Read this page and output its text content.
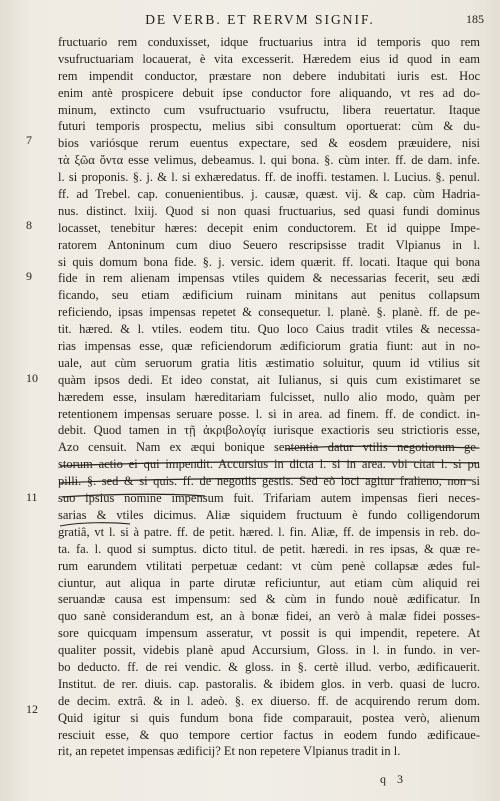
DE VERB. ET RERVM SIGNIF.	185
7
8
9
10
11
12
fructuario rem conduxisset, idque fructuarius intra id temporis quo rem
vsufructuariam locauerat, è vita excesserit. Hæredem eius id quod in eam
rem impendit conductor, præstare non debere indubitati iuris est. Hoc
enim antè prospicere debuit ipse conductor fore aliquando, vt res ad do-
minum, extincto cum vsufructuario vsufructu, libera reuertatur. Itaque
futuri temporis prospectu, melius sibi consultum oportuerat: cùm & du-
bios variósque rerum euentus expectare, sed & eosdem præuidere, nisi
τὰ ξῶα ὄντα esse velimus, debeamus. l. qui bona. §. cùm inter. ff. de dam. infe.
l. si proponis. §. j. & l. si exhæredatus. ff. de inoffi. testamen. l. Lucius. §. penul.
ff. ad Trebel. cap. conuenientibus. j. causæ, quæst. vij. & cap. cùm Hadria-
nus. distinct. lxiij. Quod si non quasi fructuarius, sed quasi fundi dominus
locasset, tenebitur hæres: decepit enim conductorem. Et id quippe Impe-
ratorem Antoninum cum diuo Seuero rescripsisse tradit Vlpianus in l.
si quis domum bona fide. §. j. versic. idem quærit. ff. locati. Itaque qui bona
fide in rem alienam impensas vtiles quidem & necessarias fecerit, seu ædi
ficando, seu etiam ædificium ruinam minitans aut penitus collapsum
reficiendo, ipsas impensas repetet & consequetur. l. planè. §. planè. ff. de pe-
tit. hæred. & l. vtiles. eodem titu. Quo loco Caius tradit vtiles & necessa-
rias impensas esse, quæ reficiendorum ædificiorum gratia fiunt: aut in no-
uale, aut cùm seruorum gratia litis æstimatio soluitur, quum id vtilius sit
quàm ipsos dedi. Et ideo constat, ait Iulianus, si quis cum existimaret se
hæredem esse, insulam hæreditariam fulcisset, nullo alio modo, quàm per
retentionem impensas seruare posse. l. si in area. ad finem. ff. de condict. in-
debit. Quod tamen in τῇ ἀκριβολογίᾳ iurisque exactioris seu strictioris esse,
Azo censuit. Nam ex æqui bonique sententia datur vtilis negotiorum ge-
storum actio ei qui impendit. Accursius in dicta l. si in area. vbi citat l. si pu
pilli. §. sed & si quis. ff. de negotiis gestis. Sed eò loci agitur fralieno, non si
suo ipsius nomine impensum fuit. Trifariam autem impensas fieri neces-
sarias & vtiles dicimus. Aliæ siquidem fructuum è fundo colligendorum
gratiâ, vt l. si à patre. ff. de petit. hæred. l. fin. Aliæ, ff. de impensis in reb. do-
ta. fa. l. quod si sumptus. dicto titul. de petit. hæredi. in res ipsas, & quæ re-
rum earundem vtilitati perpetuæ cedant: vt cùm penè collapsæ ædes ful-
ciuntur, aut aliqua in parte dirutæ reficiuntur, aut etiam cùm aliquid rei
seruandæ causa est impensum: sed & cùm in fundo nouè ædificatur. In
quo sanè considerandum est, an à bonæ fidei, an verò à malæ fidei posses-
sore quicquam impensum asseratur, vt possit is qui impendit, repetere. At
qualiter possit, videbis planè apud Accursium, Gloss. in l. in fundo. in ver-
bo deducto. ff. de rei vendic. & gloss. in §. certè illud. verbo, ædificauerit.
Institut. de rer. diuis. cap. pastoralis. & ibidem glos. in verb. quasi de lucro.
de decim. extrâ. & in l. adeò. §. ex diuerso. ff. de acquirendo rerum dom.
Quid igitur si quis fundum bona fide comparauit, postea verò, alienum
resciuit esse, & quo tempore certior factus in eodem fundo ædificaue-
rit, an repetet impensas ædificij? Et non repetere Vlpianus tradit in l.
q 3
